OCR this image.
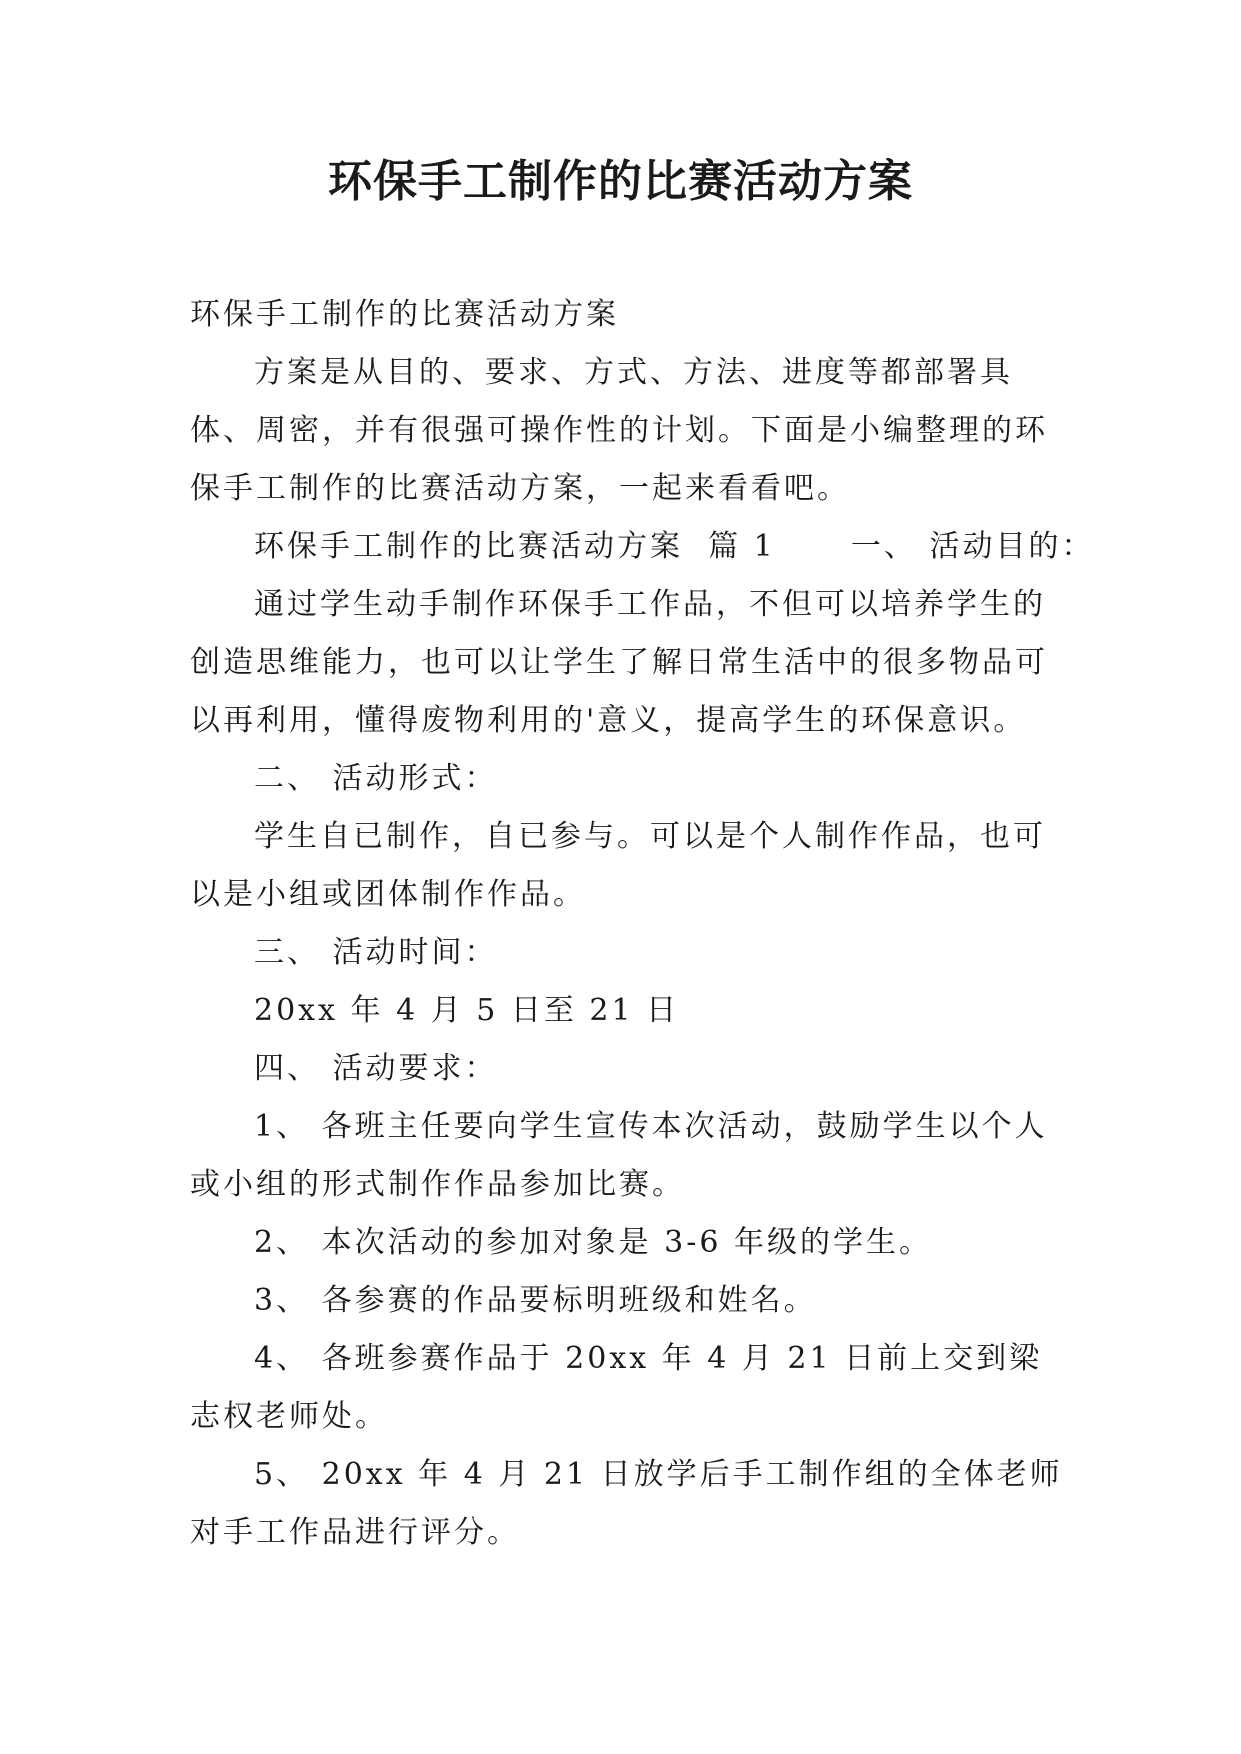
环保手工制作的比赛活动方案

环保手工制作的比赛活动方案

方案是从目的、要求、方式、方法、进度等都部署具体、周密，并有很强可操作性的计划。下面是小编整理的环保手工制作的比赛活动方案，一起来看看吧。

环保手工制作的比赛活动方案  篇 1      一、 活动目的：

通过学生动手制作环保手工作品，不但可以培养学生的创造思维能力，也可以让学生了解日常生活中的很多物品可以再利用，懂得废物利用的'意义，提高学生的环保意识。

二、 活动形式：

学生自已制作，自已参与。可以是个人制作作品，也可以是小组或团体制作作品。

三、 活动时间：

20xx 年 4 月 5 日至 21 日

四、 活动要求：

1、 各班主任要向学生宣传本次活动，鼓励学生以个人或小组的形式制作作品参加比赛。

2、 本次活动的参加对象是 3-6 年级的学生。

3、 各参赛的作品要标明班级和姓名。

4、 各班参赛作品于 20xx 年 4 月 21 日前上交到梁志权老师处。

5、 20xx 年 4 月 21 日放学后手工制作组的全体老师对手工作品进行评分。
